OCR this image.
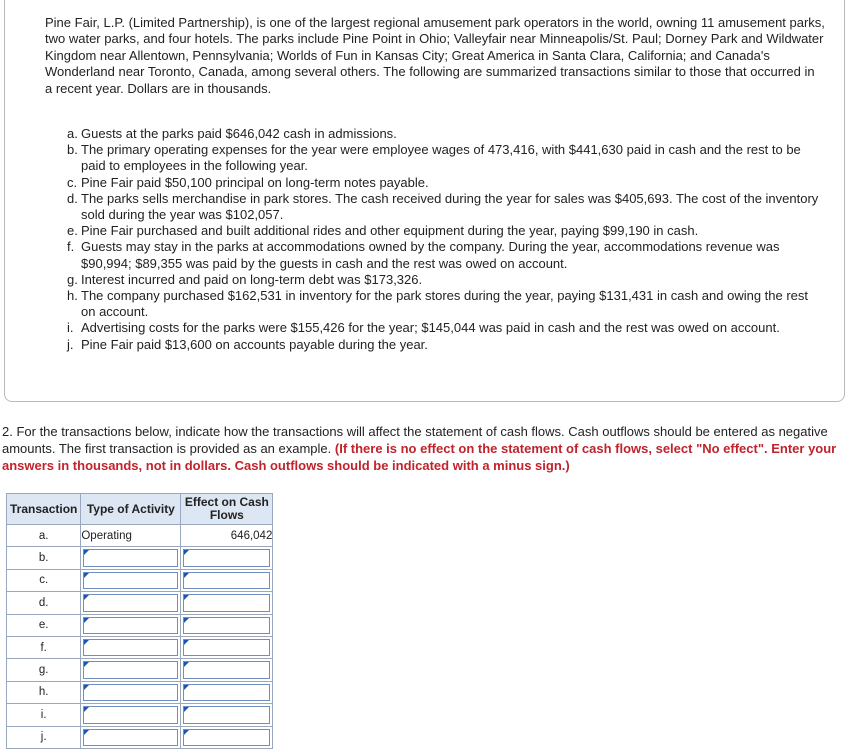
Pine Fair, L.P. (Limited Partnership), is one of the largest regional amusement park operators in the world, owning 11 amusement parks, two water parks, and four hotels. The parks include Pine Point in Ohio; Valleyfair near Minneapolis/St. Paul; Dorney Park and Wildwater Kingdom near Allentown, Pennsylvania; Worlds of Fun in Kansas City; Great America in Santa Clara, California; and Canada's Wonderland near Toronto, Canada, among several others. The following are summarized transactions similar to those that occurred in a recent year. Dollars are in thousands.

a. Guests at the parks paid $646,042 cash in admissions.
b. The primary operating expenses for the year were employee wages of 473,416, with $441,630 paid in cash and the rest to be paid to employees in the following year.
c. Pine Fair paid $50,100 principal on long-term notes payable.
d. The parks sells merchandise in park stores. The cash received during the year for sales was $405,693. The cost of the inventory sold during the year was $102,057.
e. Pine Fair purchased and built additional rides and other equipment during the year, paying $99,190 in cash.
f. Guests may stay in the parks at accommodations owned by the company. During the year, accommodations revenue was $90,994; $89,355 was paid by the guests in cash and the rest was owed on account.
g. Interest incurred and paid on long-term debt was $173,326.
h. The company purchased $162,531 in inventory for the park stores during the year, paying $131,431 in cash and owing the rest on account.
i. Advertising costs for the parks were $155,426 for the year; $145,044 was paid in cash and the rest was owed on account.
j. Pine Fair paid $13,600 on accounts payable during the year.

2. For the transactions below, indicate how the transactions will affect the statement of cash flows. Cash outflows should be entered as negative amounts. The first transaction is provided as an example. (If there is no effect on the statement of cash flows, select "No effect". Enter your answers in thousands, not in dollars. Cash outflows should be indicated with a minus sign.)

Transaction	Type of Activity	Effect on Cash Flows
a.	Operating	646,042
b.	

c.	

d.	

e.	

f.	

g.	

h.	

i.	

j.	
